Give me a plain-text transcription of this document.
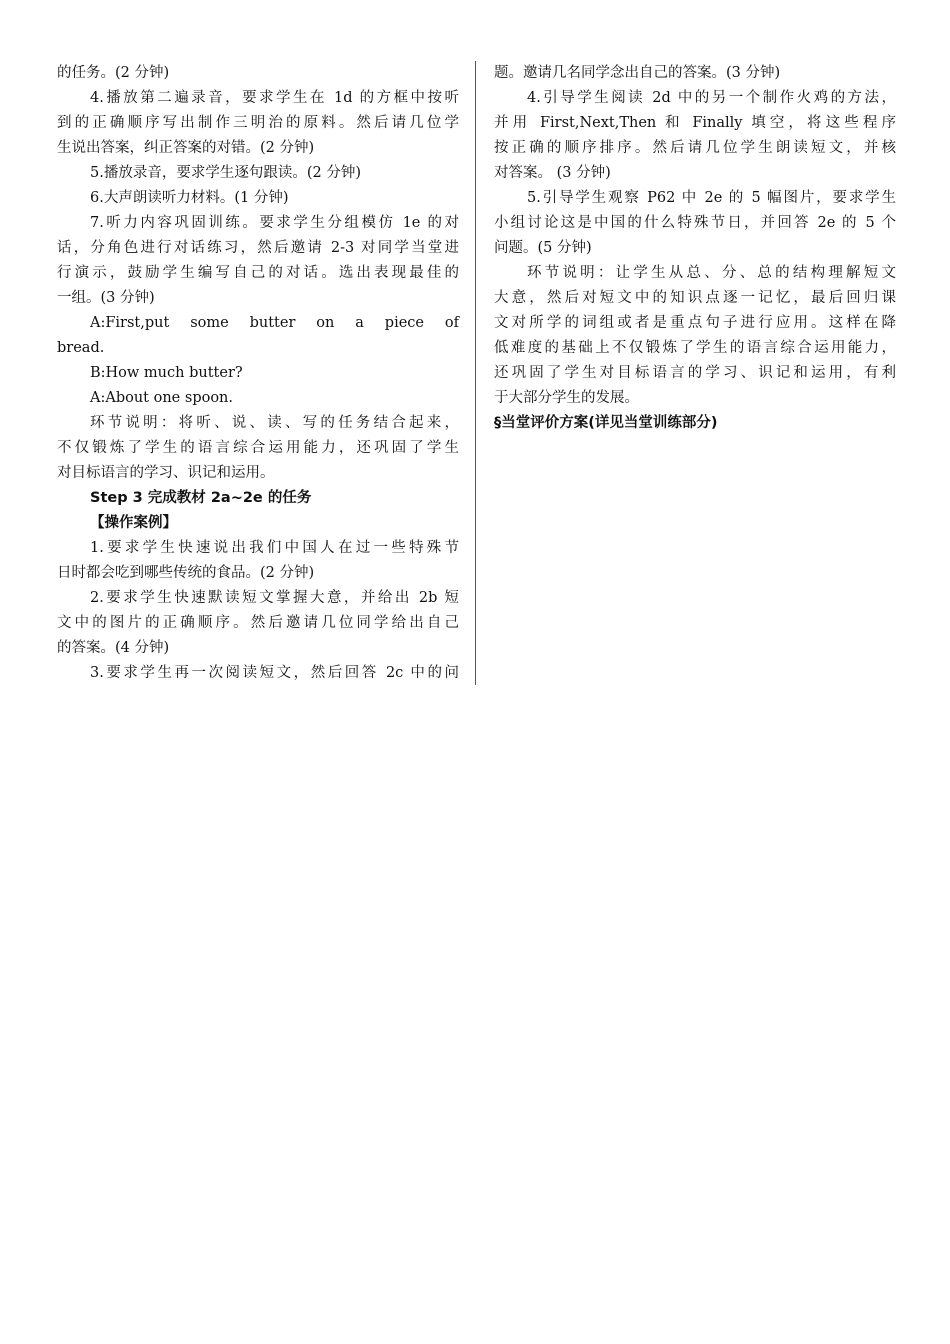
的任务。(2 分钟)
4.播放第二遍录音，要求学生在 1d 的方框中按听
到的正确顺序写出制作三明治的原料。然后请几位学
生说出答案，纠正答案的对错。(2 分钟)
5.播放录音，要求学生逐句跟读。(2 分钟)
6.大声朗读听力材料。(1 分钟)
7.听力内容巩固训练。要求学生分组模仿 1e 的对
话，分角色进行对话练习，然后邀请 2-3 对同学当堂进
行演示，鼓励学生编写自己的对话。选出表现最佳的
一组。(3 分钟)
A:First,put some butter on a piece of
bread.
B:How much butter?
A:About one spoon.
环节说明：将听、说、读、写的任务结合起来，
不仅锻炼了学生的语言综合运用能力，还巩固了学生
对目标语言的学习、识记和运用。
Step 3 完成教材 2a~2e 的任务
【操作案例】
1.要求学生快速说出我们中国人在过一些特殊节
日时都会吃到哪些传统的食品。(2 分钟)
2.要求学生快速默读短文掌握大意，并给出 2b 短
文中的图片的正确顺序。然后邀请几位同学给出自己
的答案。(4 分钟)
3.要求学生再一次阅读短文，然后回答 2c 中的问
题。邀请几名同学念出自己的答案。(3 分钟)
4.引导学生阅读 2d 中的另一个制作火鸡的方法，
并用 First,Next,Then 和 Finally 填空，将这些程序
按正确的顺序排序。然后请几位学生朗读短文，并核
对答案。 (3 分钟)
5.引导学生观察 P62 中 2e 的 5 幅图片，要求学生
小组讨论这是中国的什么特殊节日，并回答 2e 的 5 个
问题。(5 分钟)
环节说明：让学生从总、分、总的结构理解短文
大意，然后对短文中的知识点逐一记忆，最后回归课
文对所学的词组或者是重点句子进行应用。这样在降
低难度的基础上不仅锻炼了学生的语言综合运用能力，
还巩固了学生对目标语言的学习、识记和运用，有利
于大部分学生的发展。
§当堂评价方案(详见当堂训练部分)
